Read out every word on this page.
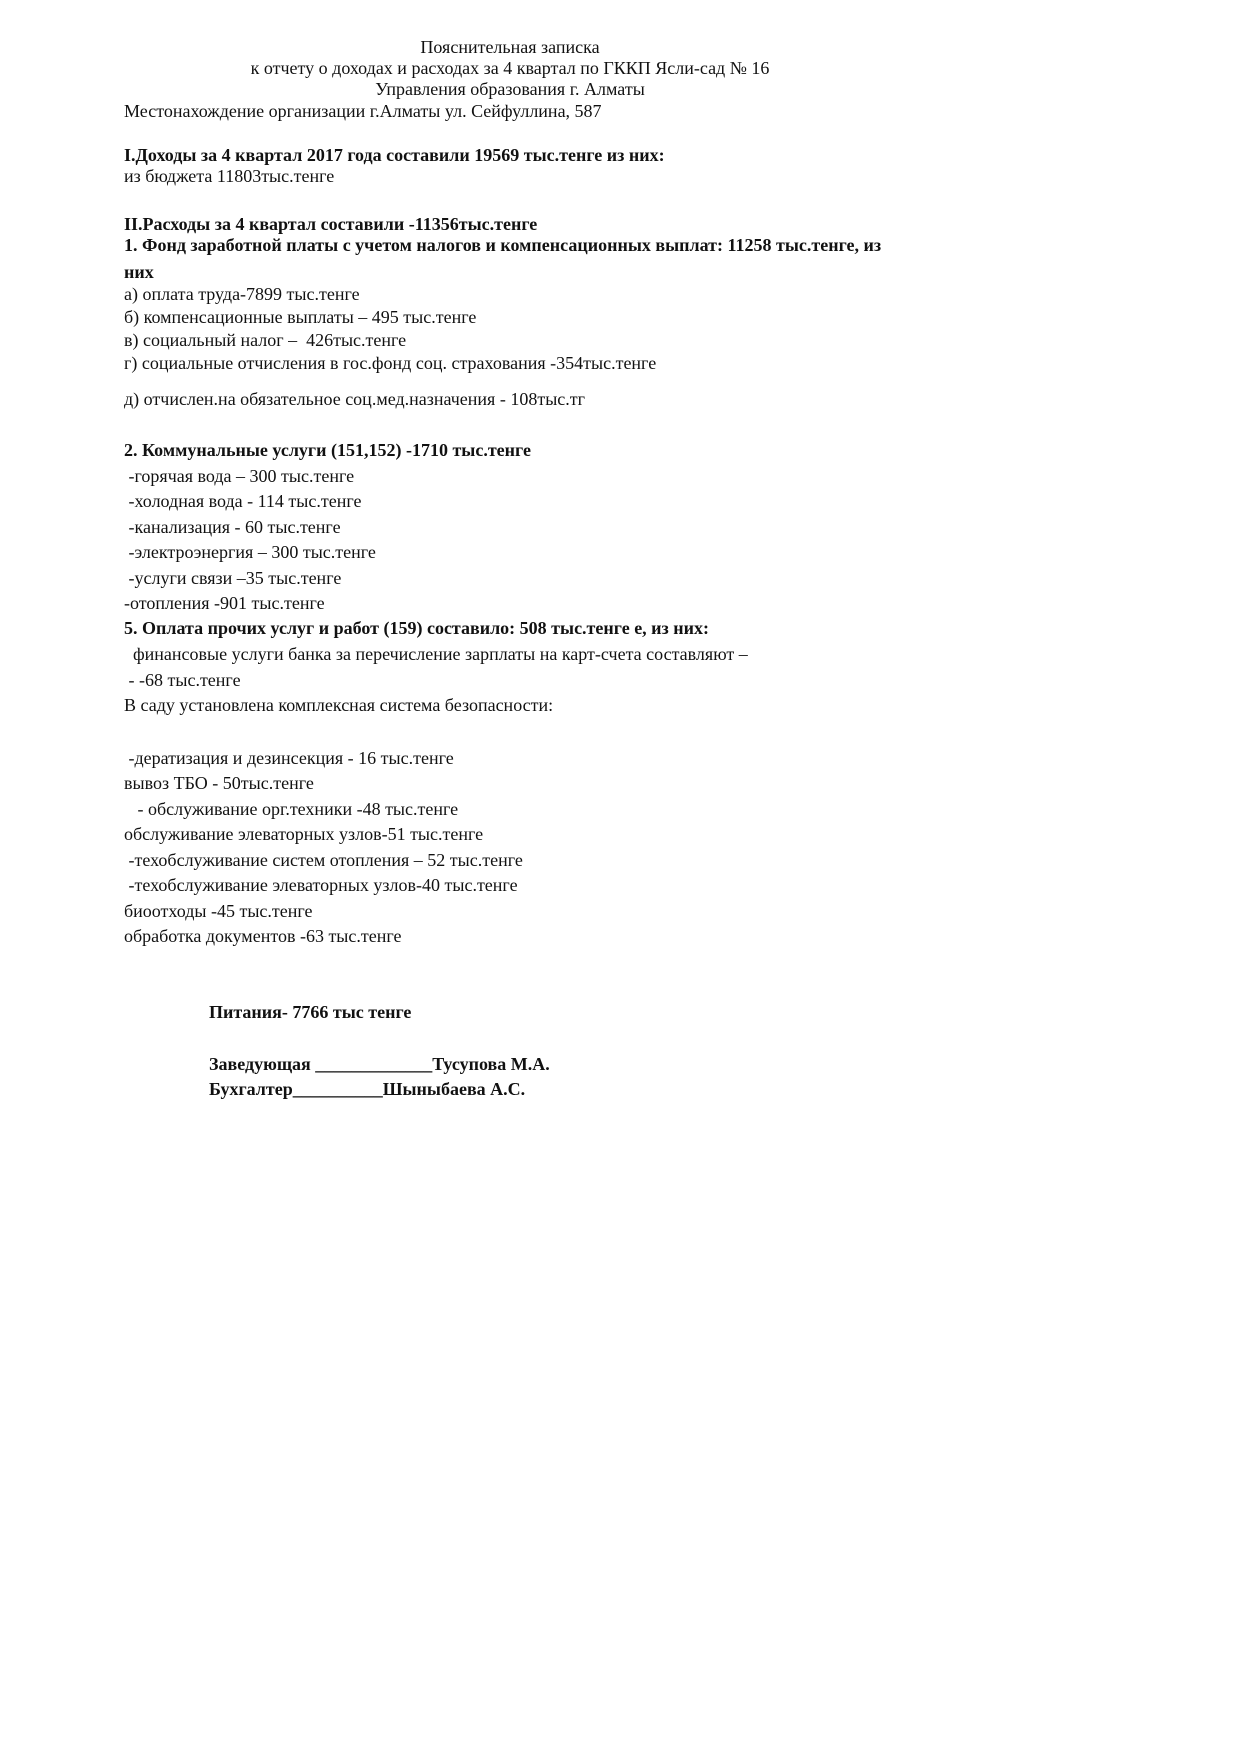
Пояснительная записка
к отчету о доходах и расходах за 4 квартал по ГККП Ясли-сад № 16
Управления образования г. Алматы
Местонахождение организации г.Алматы ул. Сейфуллина, 587
I.Доходы за 4 квартал 2017 года составили 19569 тыс.тенге из них:
из бюджета 11803тыс.тенге
II.Расходы за 4 квартал составили -11356тыс.тенге
1. Фонд заработной платы с учетом налогов и компенсационных выплат: 11258 тыс.тенге, из
них
а) оплата труда-7899 тыс.тенге
б) компенсационные выплаты – 495 тыс.тенге
в) социальный налог –  426тыс.тенге
г) социальные отчисления в гос.фонд соц. страхования -354тыс.тенге
д) отчислен.на обязательное соц.мед.назначения - 108тыс.тг
2. Коммунальные услуги (151,152) -1710 тыс.тенге
-горячая вода – 300 тыс.тенге
-холодная вода - 114 тыс.тенге
-канализация - 60 тыс.тенге
-электроэнергия – 300 тыс.тенге
-услуги связи –35 тыс.тенге
-отопления -901 тыс.тенге
5. Оплата прочих услуг и работ (159) составило: 508 тыс.тенге е, из них:
финансовые услуги банка за перечисление зарплаты на карт-счета составляют –
- -68 тыс.тенге
В саду установлена комплексная система безопасности:
-дератизация и дезинсекция - 16 тыс.тенге
вывоз ТБО - 50тыс.тенге
- обслуживание орг.техники -48 тыс.тенге
обслуживание элеваторных узлов-51 тыс.тенге
-техобслуживание систем отопления – 52 тыс.тенге
-техобслуживание элеваторных узлов-40 тыс.тенге
биоотходы -45 тыс.тенге
обработка документов -63 тыс.тенге
Питания- 7766 тыс тенге
Заведующая _____________Тусупова М.А.
Бухгалтер__________Шыныбаева А.С.
